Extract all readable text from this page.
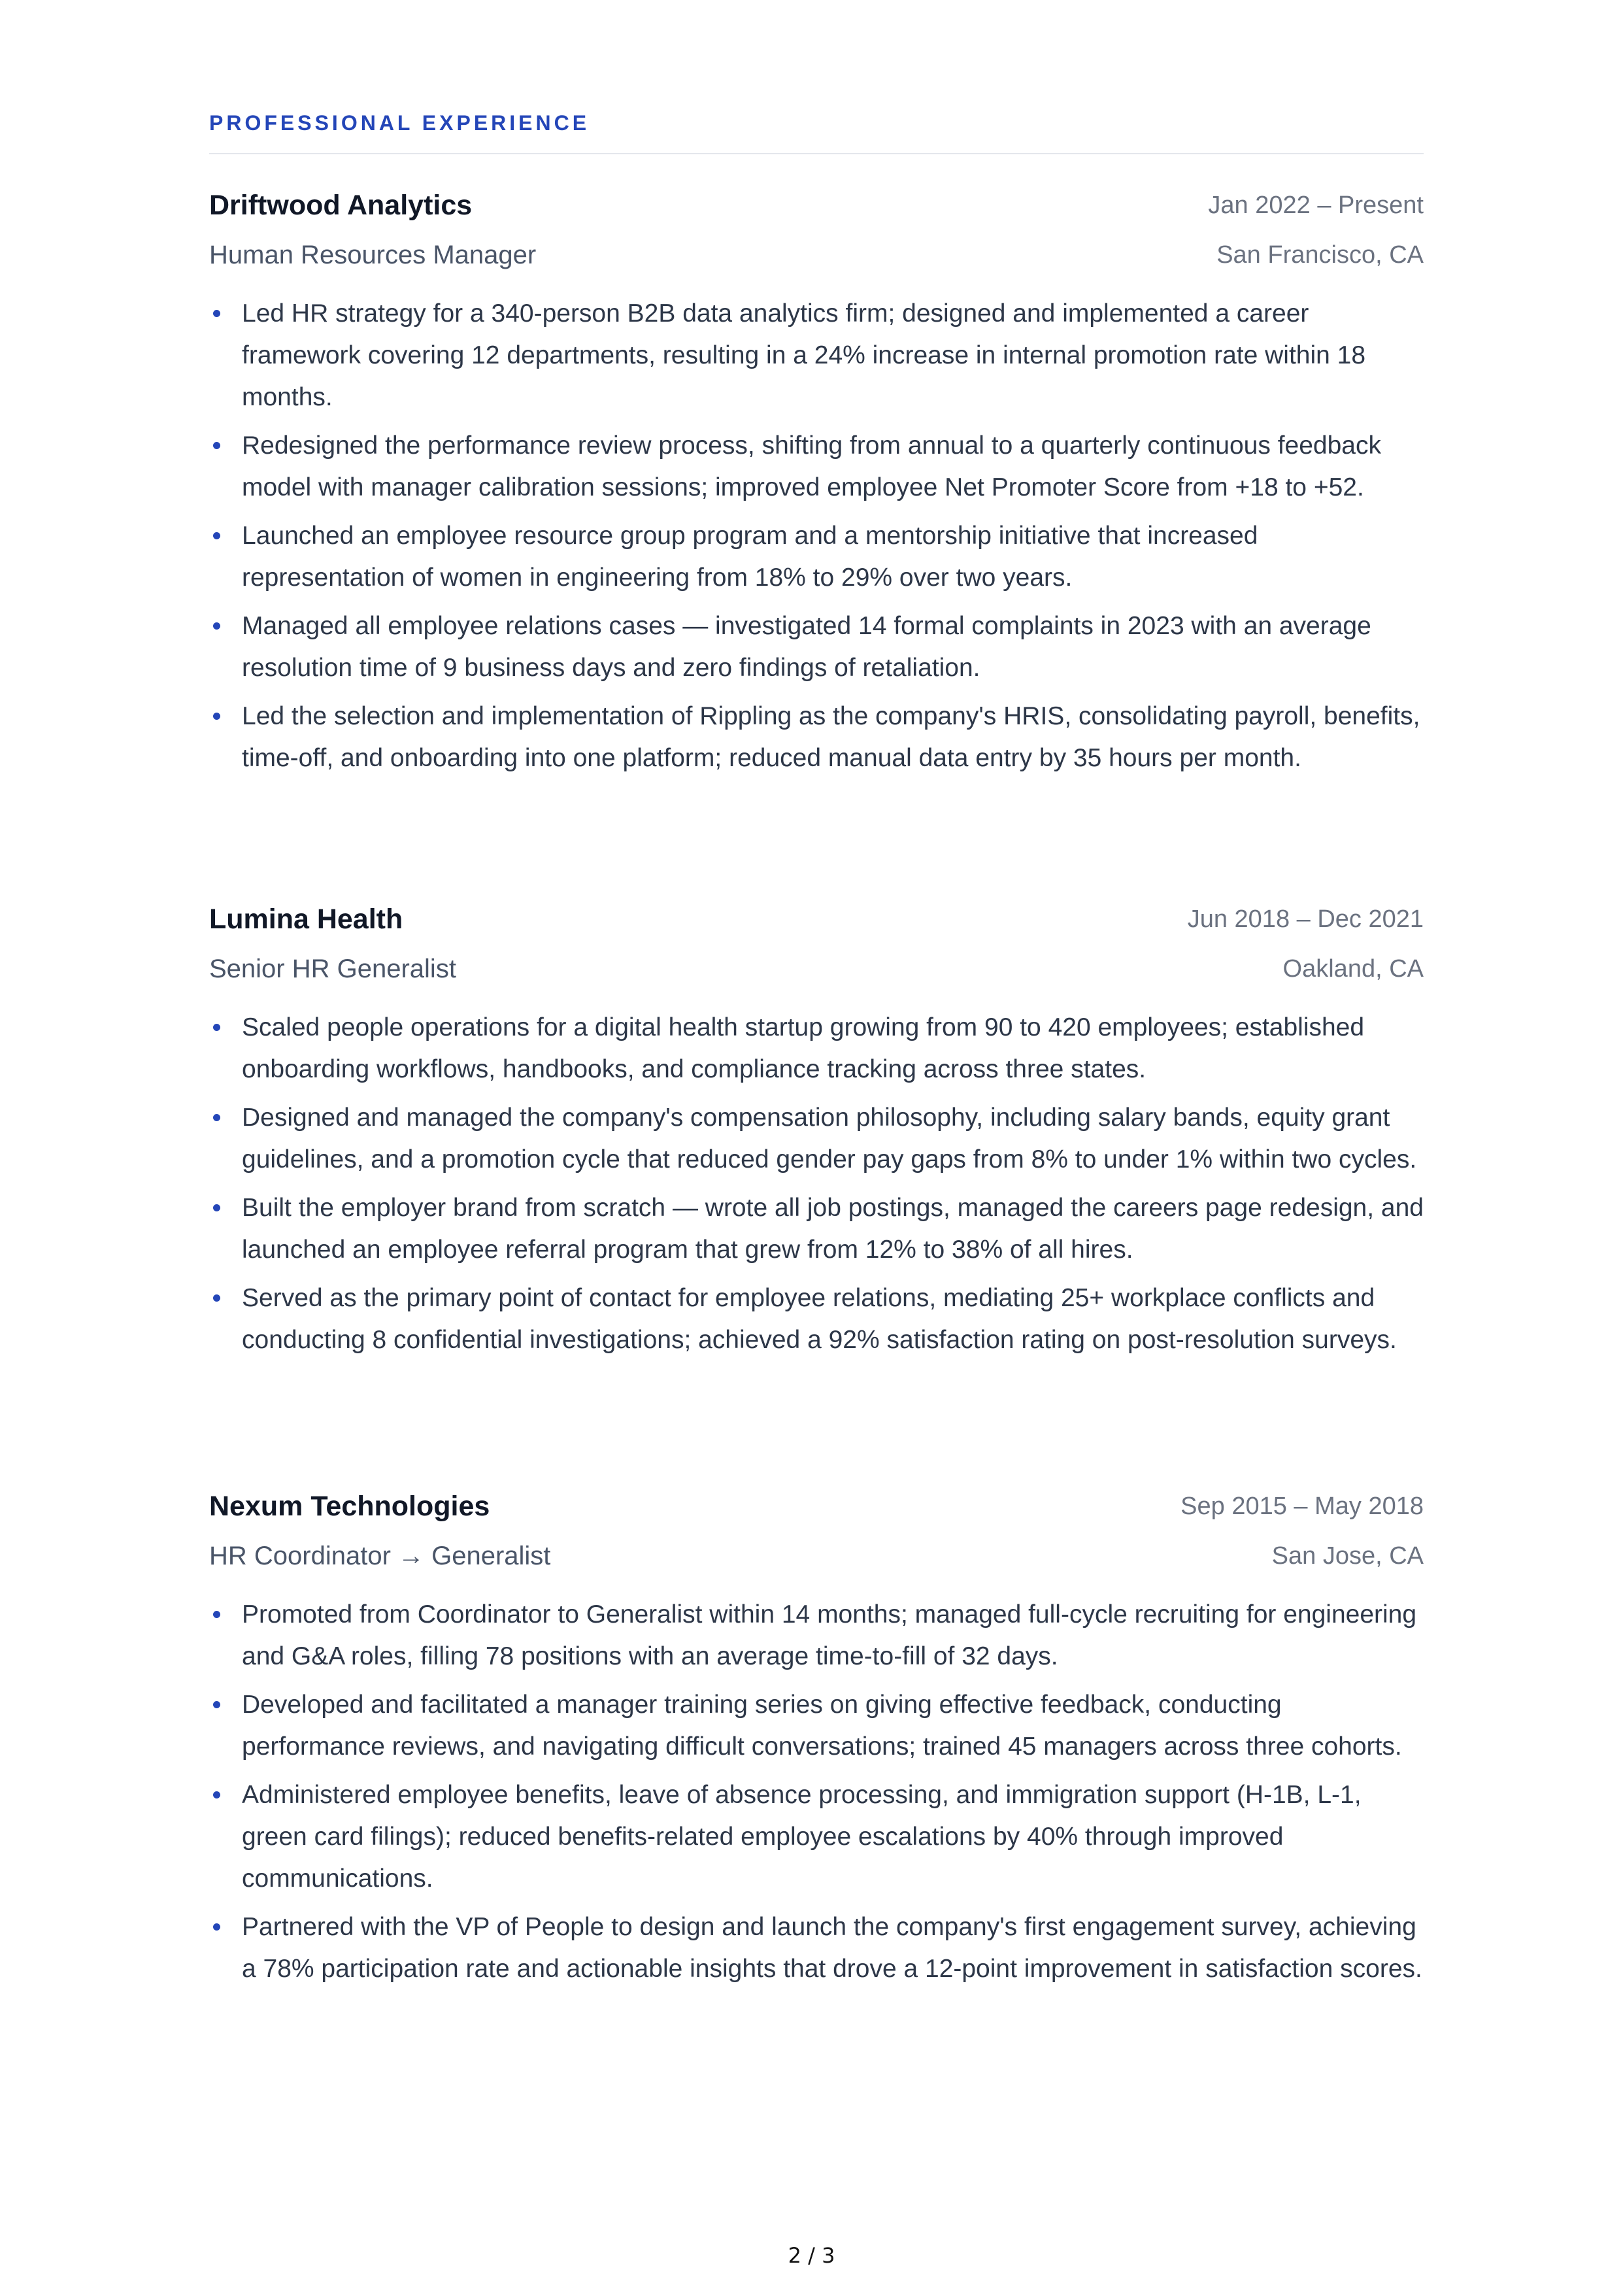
PROFESSIONAL EXPERIENCE
Driftwood Analytics	Jan 2022 – Present
Human Resources Manager	San Francisco, CA
Led HR strategy for a 340-person B2B data analytics firm; designed and implemented a career framework covering 12 departments, resulting in a 24% increase in internal promotion rate within 18 months.
Redesigned the performance review process, shifting from annual to a quarterly continuous feedback model with manager calibration sessions; improved employee Net Promoter Score from +18 to +52.
Launched an employee resource group program and a mentorship initiative that increased representation of women in engineering from 18% to 29% over two years.
Managed all employee relations cases — investigated 14 formal complaints in 2023 with an average resolution time of 9 business days and zero findings of retaliation.
Led the selection and implementation of Rippling as the company's HRIS, consolidating payroll, benefits, time-off, and onboarding into one platform; reduced manual data entry by 35 hours per month.
Lumina Health	Jun 2018 – Dec 2021
Senior HR Generalist	Oakland, CA
Scaled people operations for a digital health startup growing from 90 to 420 employees; established onboarding workflows, handbooks, and compliance tracking across three states.
Designed and managed the company's compensation philosophy, including salary bands, equity grant guidelines, and a promotion cycle that reduced gender pay gaps from 8% to under 1% within two cycles.
Built the employer brand from scratch — wrote all job postings, managed the careers page redesign, and launched an employee referral program that grew from 12% to 38% of all hires.
Served as the primary point of contact for employee relations, mediating 25+ workplace conflicts and conducting 8 confidential investigations; achieved a 92% satisfaction rating on post-resolution surveys.
Nexum Technologies	Sep 2015 – May 2018
HR Coordinator → Generalist	San Jose, CA
Promoted from Coordinator to Generalist within 14 months; managed full-cycle recruiting for engineering and G&A roles, filling 78 positions with an average time-to-fill of 32 days.
Developed and facilitated a manager training series on giving effective feedback, conducting performance reviews, and navigating difficult conversations; trained 45 managers across three cohorts.
Administered employee benefits, leave of absence processing, and immigration support (H-1B, L-1, green card filings); reduced benefits-related employee escalations by 40% through improved communications.
Partnered with the VP of People to design and launch the company's first engagement survey, achieving a 78% participation rate and actionable insights that drove a 12-point improvement in satisfaction scores.
2 / 3
